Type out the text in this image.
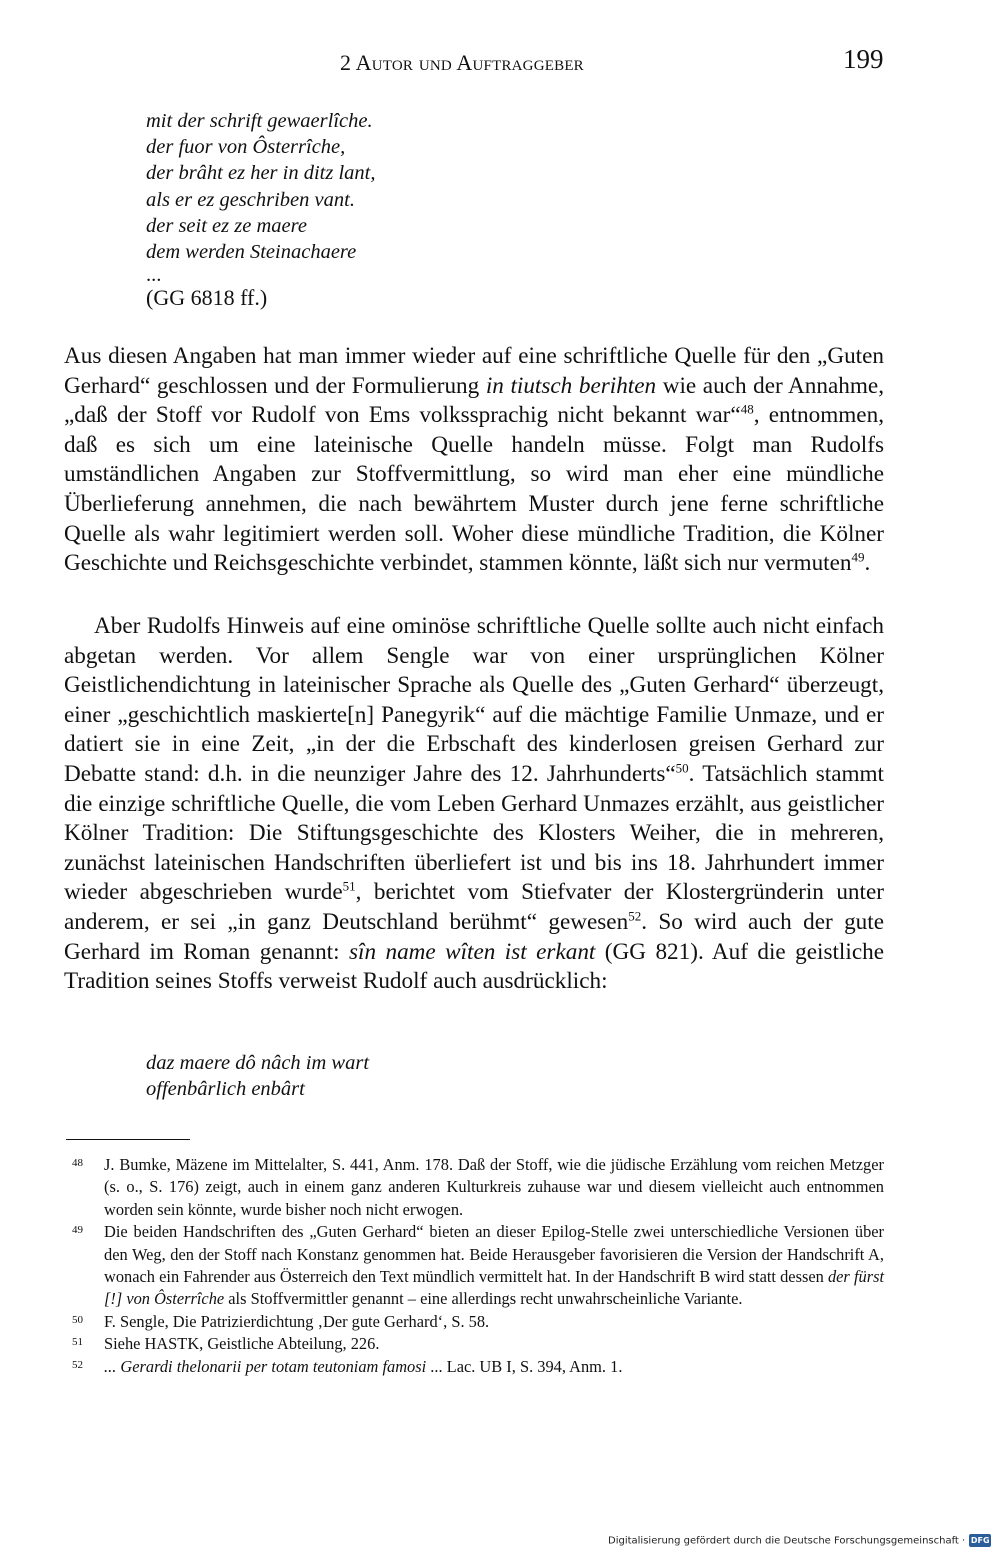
2 Autor und Auftraggeber	199
mit der schrift gewaerlîche.
der fuor von Ôsterrîche,
der brâht ez her in ditz lant,
als er ez geschriben vant.
der seit ez ze maere
dem werden Steinachaere
...
(GG 6818 ff.)

Aus diesen Angaben hat man immer wieder auf eine schriftliche Quelle für den „Guten Gerhard“ geschlossen und der Formulierung in tiutsch berihten wie auch der Annahme, „daß der Stoff vor Rudolf von Ems volkssprachig nicht bekannt war“$^{48}$, entnommen, daß es sich um eine lateinische Quelle handeln müsse. Folgt man Rudolfs umständlichen Angaben zur Stoffvermittlung, so wird man eher eine mündliche Überlieferung annehmen, die nach bewährtem Muster durch jene ferne schriftliche Quelle als wahr legitimiert werden soll. Woher diese mündliche Tradition, die Kölner Geschichte und Reichsgeschichte verbindet, stammen könnte, läßt sich nur vermuten$^{49}$.

Aber Rudolfs Hinweis auf eine ominöse schriftliche Quelle sollte auch nicht einfach abgetan werden. Vor allem Sengle war von einer ursprünglichen Kölner Geistlichendichtung in lateinischer Sprache als Quelle des „Guten Gerhard“ überzeugt, einer „geschichtlich maskierte[n] Panegyrik“ auf die mächtige Familie Unmaze, und er datiert sie in eine Zeit, „in der die Erbschaft des kinderlosen greisen Gerhard zur Debatte stand: d.h. in die neunziger Jahre des 12. Jahrhunderts“$^{50}$. Tatsächlich stammt die einzige schriftliche Quelle, die vom Leben Gerhard Unmazes erzählt, aus geistlicher Kölner Tradition: Die Stiftungsgeschichte des Klosters Weiher, die in mehreren, zunächst lateinischen Handschriften überliefert ist und bis ins 18. Jahrhundert immer wieder abgeschrieben wurde$^{51}$, berichtet vom Stiefvater der Klostergründerin unter anderem, er sei „in ganz Deutschland berühmt“ gewesen$^{52}$. So wird auch der gute Gerhard im Roman genannt: sîn name wîten ist erkant (GG 821). Auf die geistliche Tradition seines Stoffs verweist Rudolf auch ausdrücklich:

daz maere dô nâch im wart
offenbârlich enbârt
48 J. Bumke, Mäzene im Mittelalter, S. 441, Anm. 178. Daß der Stoff, wie die jüdische Erzählung vom reichen Metzger (s. o., S. 176) zeigt, auch in einem ganz anderen Kulturkreis zuhause war und diesem vielleicht auch entnommen worden sein könnte, wurde bisher noch nicht erwogen.
49 Die beiden Handschriften des „Guten Gerhard“ bieten an dieser Epilog-Stelle zwei unterschiedliche Versionen über den Weg, den der Stoff nach Konstanz genommen hat. Beide Herausgeber favorisieren die Version der Handschrift A, wonach ein Fahrender aus Österreich den Text mündlich vermittelt hat. In der Handschrift B wird statt dessen der fürst [!] von Ôsterrîche als Stoffvermittler genannt – eine allerdings recht unwahrscheinliche Variante.
50 F. Sengle, Die Patrizierdichtung ‚Der gute Gerhard‘, S. 58.
51 Siehe HASTK, Geistliche Abteilung, 226.
52 ... Gerardi thelonarii per totam teutoniam famosi ... Lac. UB I, S. 394, Anm. 1.
Digitalisierung gefördert durch die Deutsche Forschungsgemeinschaft · DFG
